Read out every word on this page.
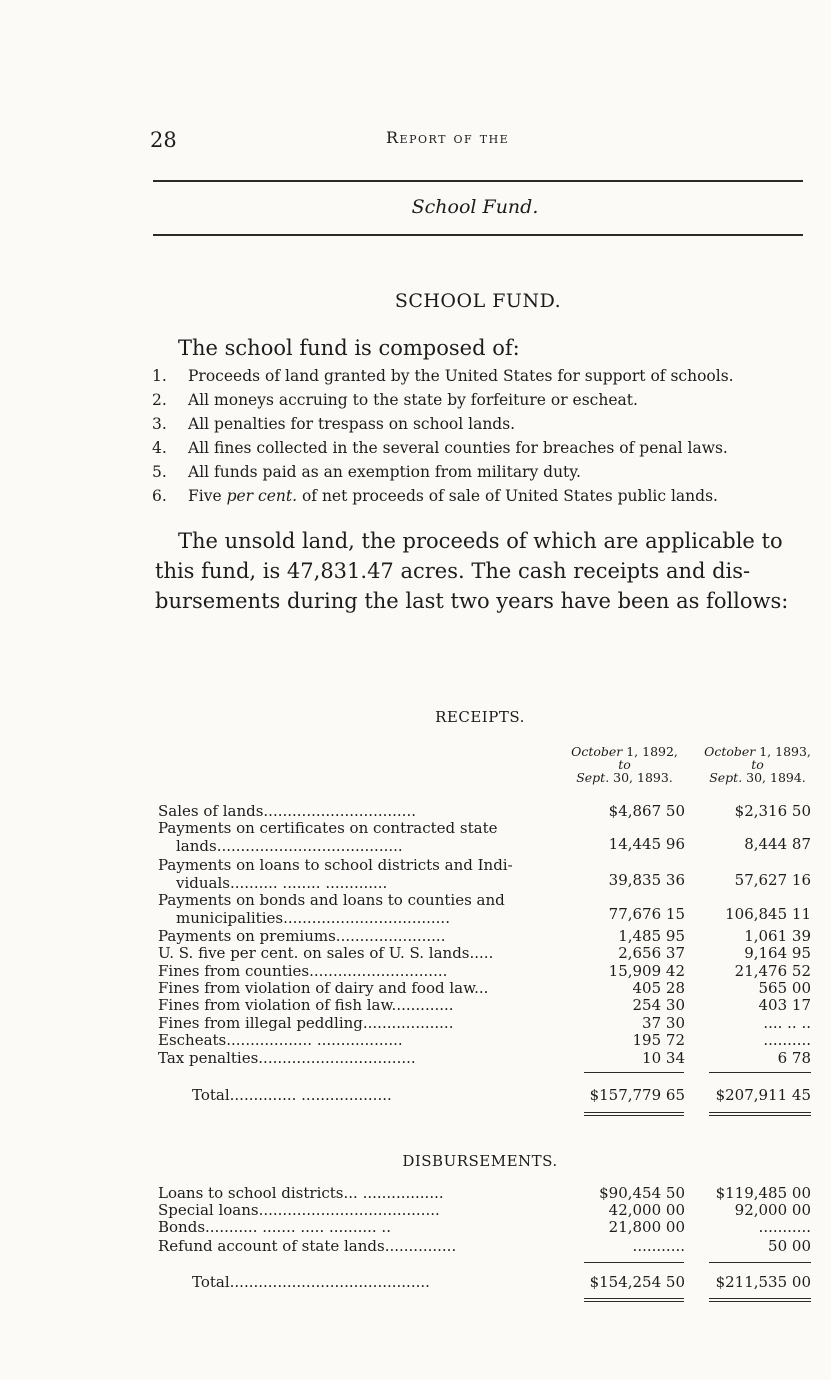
28	Report of the
School Fund.
SCHOOL FUND.
The school fund is composed of:
1. Proceeds of land granted by the United States for support of schools.
2. All moneys accruing to the state by forfeiture or escheat.
3. All penalties for trespass on school lands.
4. All fines collected in the several counties for breaches of penal laws.
5. All funds paid as an exemption from military duty.
6. Five per cent. of net proceeds of sale of United States public lands.

The unsold land, the proceeds of which are applicable to

this fund, is 47,831.47 acres. The cash receipts and dis-

bursements during the last two years have been as follows:

RECEIPTS.
October 1, 1892,
to
Sept. 30, 1893.
October 1, 1893,
to
Sept. 30, 1894.
Sales of lands................................	$4,867 50	$2,316 50
Payments on certificates on contracted state
lands.......................................	14,445 96	8,444 87
Payments on loans to school districts and Indi-
viduals.......... ........ .............	39,835 36	57,627 16
Payments on bonds and loans to counties and
municipalities...................................	77,676 15	106,845 11
Payments on premiums.......................	1,485 95	1,061 39
U. S. five per cent. on sales of U. S. lands.....	2,656 37	9,164 95
Fines from counties.............................	15,909 42	21,476 52
Fines from violation of dairy and food law...	405 28	565 00
Fines from violation of fish law.............	254 30	403 17
Fines from illegal peddling...................	37 30	.... .. ..
Escheats.................. ..................	195 72	..........
Tax penalties.................................	10 34	6 78
Total.............. ...................	$157,779 65	$207,911 45
DISBURSEMENTS.
Loans to school districts... .................	$90,454 50	$119,485 00
Special loans......................................	42,000 00	92,000 00
Bonds........... ....... ..... .......... ..	21,800 00	...........
Refund account of state lands...............	...........	50 00
Total..........................................	$154,254 50	$211,535 00
